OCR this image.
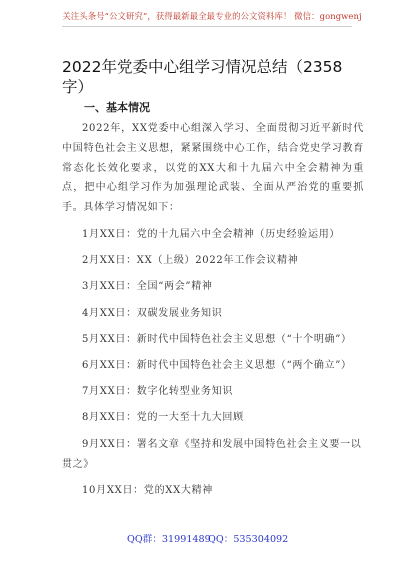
关注头条号“公文研究”，获得最新最全最专业的公文资料库！ 微信：gongwenj
2022年党委中心组学习情况总结（2358字）
一、基本情况

2022年，XX党委中心组深入学习、全面贯彻习近平新时代中国特色社会主义思想，紧紧围绕中心工作，结合党史学习教育常态化长效化要求，以党的XX大和十九届六中全会精神为重点，把中心组学习作为加强理论武装、全面从严治党的重要抓手。具体学习情况如下：

1月XX日：党的十九届六中全会精神（历史经验运用）
2月XX日：XX（上级）2022年工作会议精神
3月XX日：全国“两会”精神
4月XX日：双碳发展业务知识
5月XX日：新时代中国特色社会主义思想（“十个明确”）
6月XX日：新时代中国特色社会主义思想（“两个确立”）
7月XX日：数字化转型业务知识
8月XX日：党的一大至十九大回顾
9月XX日：署名文章《坚持和发展中国特色社会主义要一以贯之》
10月XX日：党的XX大精神
QQ群：31991489
QQ：535304092
